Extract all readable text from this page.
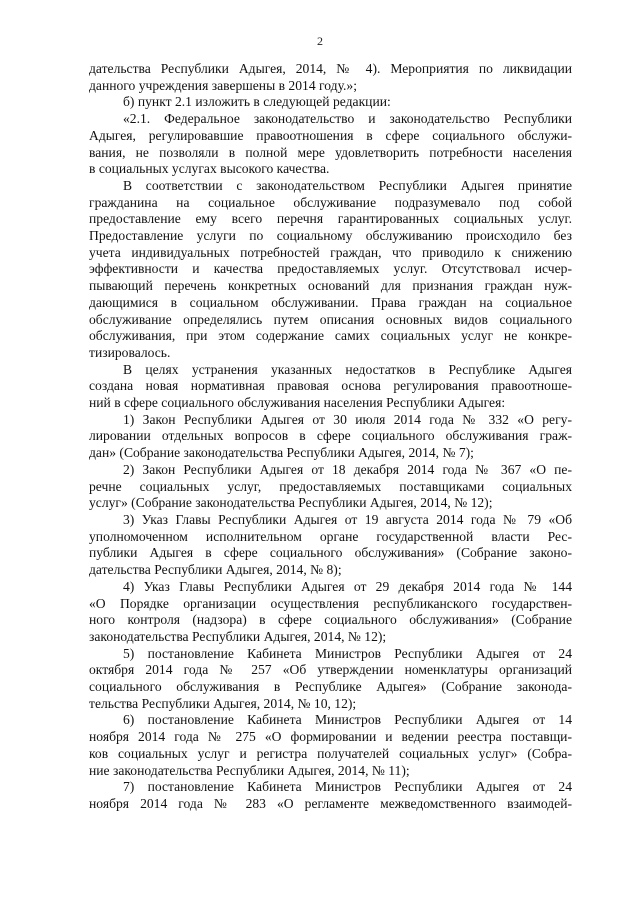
2
дательства Республики Адыгея, 2014, № 4). Мероприятия по ликвидации
данного учреждения завершены в 2014 году.»;
б) пункт 2.1 изложить в следующей редакции:
«2.1. Федеральное законодательство и законодательство Республики
Адыгея, регулировавшие правоотношения в сфере социального обслужи-
вания, не позволяли в полной мере удовлетворить потребности населения
в социальных услугах высокого качества.
В соответствии с законодательством Республики Адыгея принятие
гражданина на социальное обслуживание подразумевало под собой
предоставление ему всего перечня гарантированных социальных услуг.
Предоставление услуги по социальному обслуживанию происходило без
учета индивидуальных потребностей граждан, что приводило к снижению
эффективности и качества предоставляемых услуг. Отсутствовал исчер-
пывающий перечень конкретных оснований для признания граждан нуж-
дающимися в социальном обслуживании. Права граждан на социальное
обслуживание определялись путем описания основных видов социального
обслуживания, при этом содержание самих социальных услуг не конкре-
тизировалось.
В целях устранения указанных недостатков в Республике Адыгея
создана новая нормативная правовая основа регулирования правоотноше-
ний в сфере социального обслуживания населения Республики Адыгея:
1) Закон Республики Адыгея от 30 июля 2014 года № 332 «О регу-
лировании отдельных вопросов в сфере социального обслуживания граж-
дан» (Собрание законодательства Республики Адыгея, 2014, № 7);
2) Закон Республики Адыгея от 18 декабря 2014 года № 367 «О пе-
речне социальных услуг, предоставляемых поставщиками социальных
услуг» (Собрание законодательства Республики Адыгея, 2014, № 12);
3) Указ Главы Республики Адыгея от 19 августа 2014 года № 79 «Об
уполномоченном исполнительном органе государственной власти Рес-
публики Адыгея в сфере социального обслуживания» (Собрание законо-
дательства Республики Адыгея, 2014, № 8);
4) Указ Главы Республики Адыгея от 29 декабря 2014 года № 144
«О Порядке организации осуществления республиканского государствен-
ного контроля (надзора) в сфере социального обслуживания» (Собрание
законодательства Республики Адыгея, 2014, № 12);
5) постановление Кабинета Министров Республики Адыгея от 24
октября 2014 года № 257 «Об утверждении номенклатуры организаций
социального обслуживания в Республике Адыгея» (Собрание законода-
тельства Республики Адыгея, 2014, № 10, 12);
6) постановление Кабинета Министров Республики Адыгея от 14
ноября 2014 года № 275 «О формировании и ведении реестра поставщи-
ков социальных услуг и регистра получателей социальных услуг» (Собра-
ние законодательства Республики Адыгея, 2014, № 11);
7) постановление Кабинета Министров Республики Адыгея от 24
ноября 2014 года № 283 «О регламенте межведомственного взаимодей-
